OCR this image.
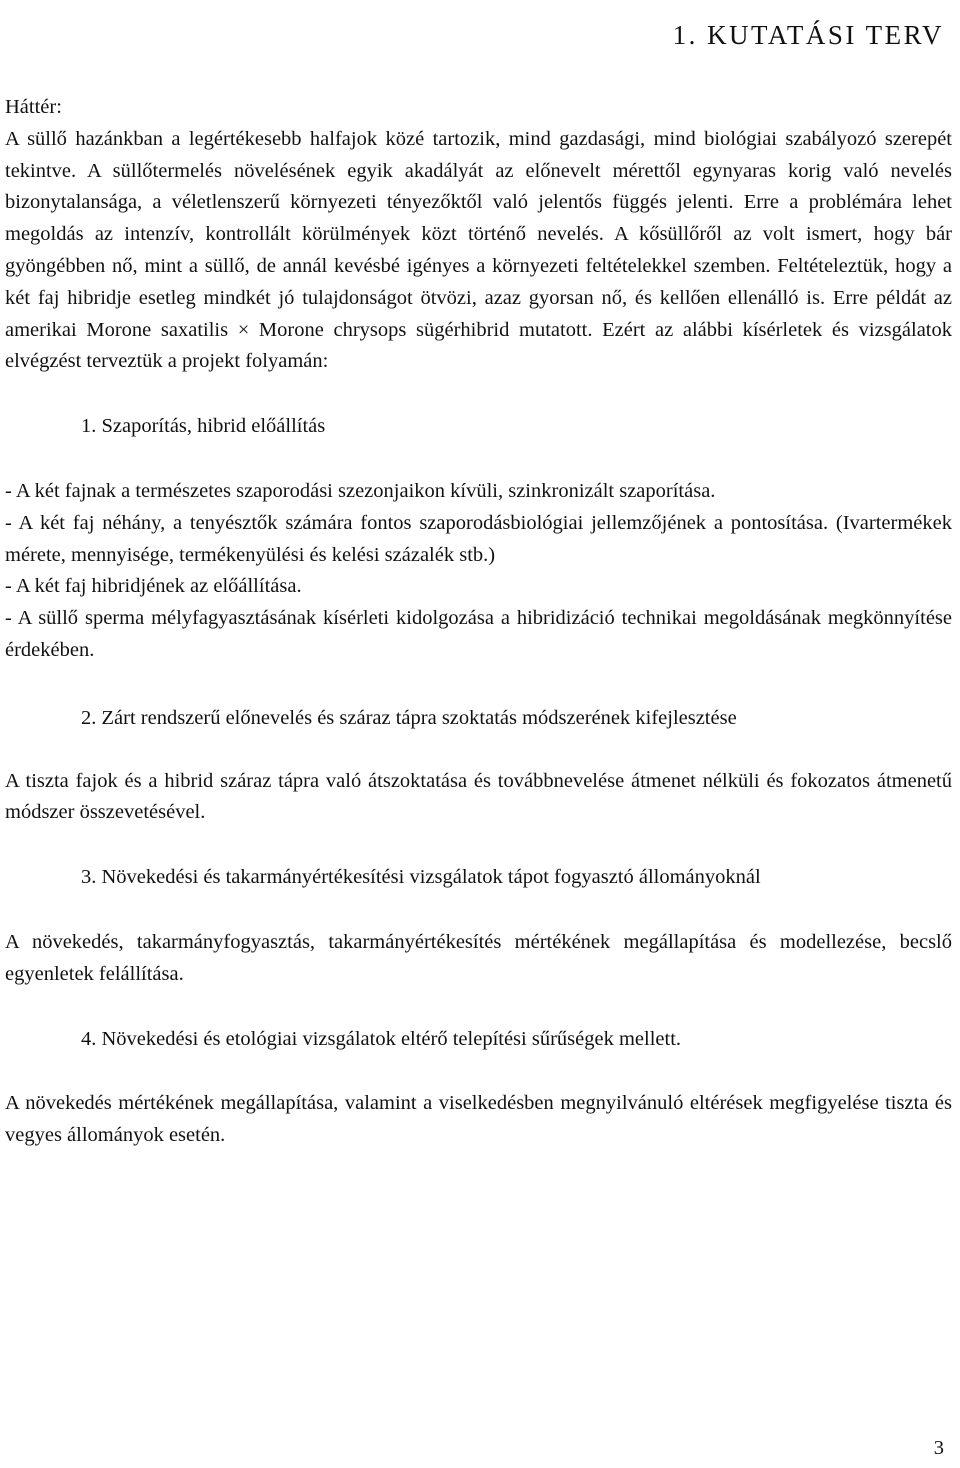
1. KUTATÁSI TERV

Háttér:

A süllő hazánkban a legértékesebb halfajok közé tartozik, mind gazdasági, mind biológiai szabályozó szerepét tekintve. A süllőtermelés növelésének egyik akadályát az előnevelt mérettől egynyaras korig való nevelés bizonytalansága, a véletlenszerű környezeti tényezőktől való jelentős függés jelenti. Erre a problémára lehet megoldás az intenzív, kontrollált körülmények közt történő nevelés. A kősüllőről az volt ismert, hogy bár gyöngébben nő, mint a süllő, de annál kevésbé igényes a környezeti feltételekkel szemben. Feltételeztük, hogy a két faj hibridje esetleg mindkét jó tulajdonságot ötvözi, azaz gyorsan nő, és kellően ellenálló is. Erre példát az amerikai Morone saxatilis × Morone chrysops sügérhibrid mutatott. Ezért az alábbi kísérletek és vizsgálatok elvégzést terveztük a projekt folyamán:

1. Szaporítás, hibrid előállítás

- A két fajnak a természetes szaporodási szezonjaikon kívüli, szinkronizált szaporítása.

- A két faj néhány, a tenyésztők számára fontos szaporodásbiológiai jellemzőjének a pontosítása. (Ivartermékek mérete, mennyisége, termékenyülési és kelési százalék stb.)

- A két faj hibridjének az előállítása.

- A süllő sperma mélyfagyasztásának kísérleti kidolgozása a hibridizáció technikai megoldásának megkönnyítése érdekében.

2. Zárt rendszerű előnevelés és száraz tápra szoktatás módszerének kifejlesztése

A tiszta fajok és a hibrid száraz tápra való átszoktatása és továbbnevelése átmenet nélküli és fokozatos átmenetű módszer összevetésével.

3. Növekedési és takarmányértékesítési vizsgálatok tápot fogyasztó állományoknál

A növekedés, takarmányfogyasztás, takarmányértékesítés mértékének megállapítása és modellezése, becslő egyenletek felállítása.

4. Növekedési és etológiai vizsgálatok eltérő telepítési sűrűségek mellett.

A növekedés mértékének megállapítása, valamint a viselkedésben megnyilvánuló eltérések megfigyelése tiszta és vegyes állományok esetén.

3
